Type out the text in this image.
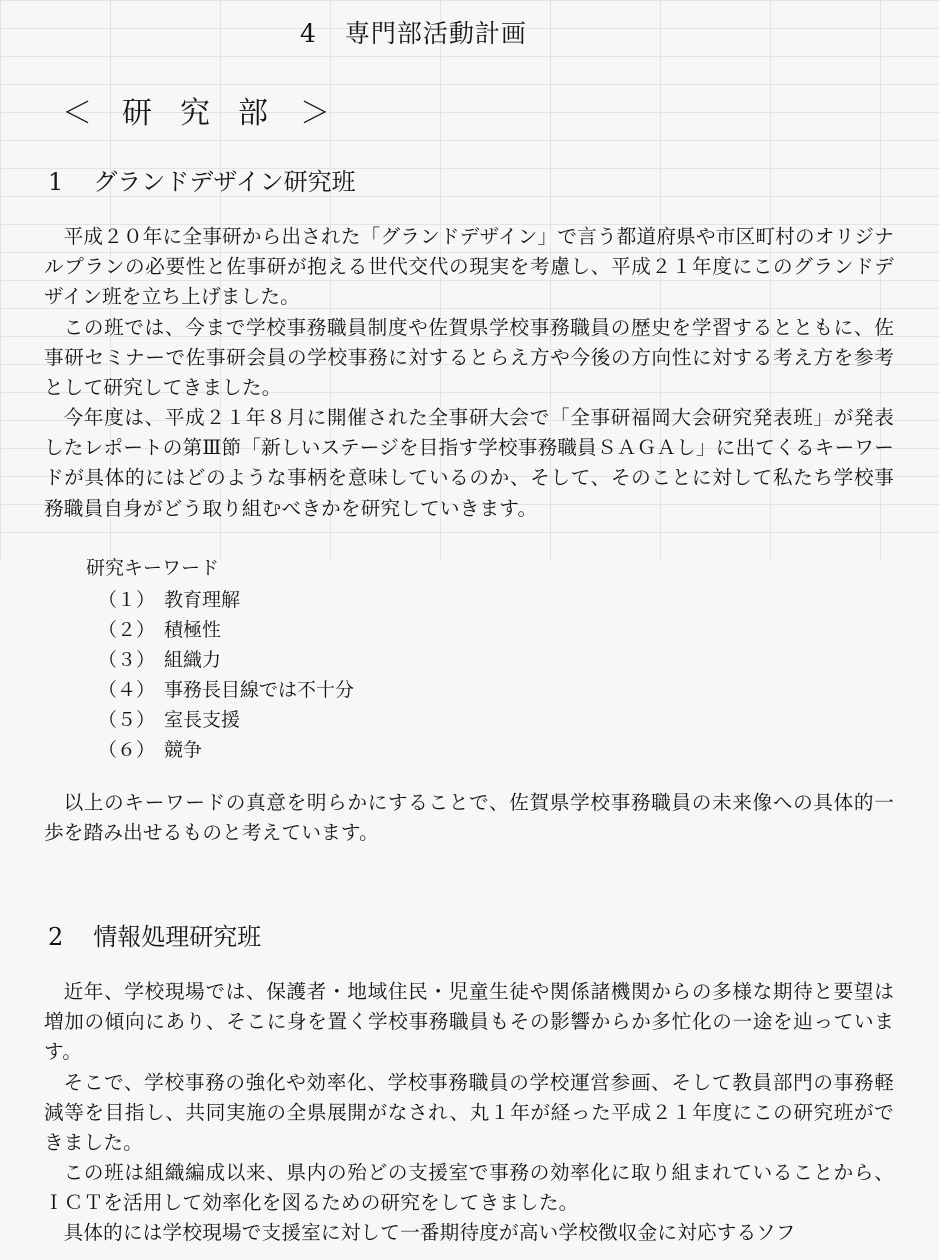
4 専門部活動計画
＜ 研究部 ＞
1 グランドデザイン研究班

平成２０年に全事研から出された「グランドデザイン」で言う都道府県や市区町村のオリジナルプランの必要性と佐事研が抱える世代交代の現実を考慮し、平成２１年度にこのグランドデザイン班を立ち上げました。

この班では、今まで学校事務職員制度や佐賀県学校事務職員の歴史を学習するとともに、佐事研セミナーで佐事研会員の学校事務に対するとらえ方や今後の方向性に対する考え方を参考として研究してきました。

今年度は、平成２１年８月に開催された全事研大会で「全事研福岡大会研究発表班」が発表したレポートの第Ⅲ節「新しいステージを目指す学校事務職員ＳＡＧＡし」に出てくるキーワードが具体的にはどのような事柄を意味しているのか、そして、そのことに対して私たち学校事務職員自身がどう取り組むべきかを研究していきます。

研究キーワード
（１） 教育理解
（２） 積極性
（３） 組織力
（４） 事務長目線では不十分
（５） 室長支援
（６） 競争

以上のキーワードの真意を明らかにすることで、佐賀県学校事務職員の未来像への具体的一歩を踏み出せるものと考えています。

2 情報処理研究班

近年、学校現場では、保護者・地域住民・児童生徒や関係諸機関からの多様な期待と要望は増加の傾向にあり、そこに身を置く学校事務職員もその影響からか多忙化の一途を辿っています。

そこで、学校事務の強化や効率化、学校事務職員の学校運営参画、そして教員部門の事務軽減等を目指し、共同実施の全県展開がなされ、丸１年が経った平成２１年度にこの研究班ができました。

この班は組織編成以来、県内の殆どの支援室で事務の効率化に取り組まれていることから、ＩＣＴを活用して効率化を図るための研究をしてきました。

具体的には学校現場で支援室に対して一番期待度が高い学校徴収金に対応するソフ
